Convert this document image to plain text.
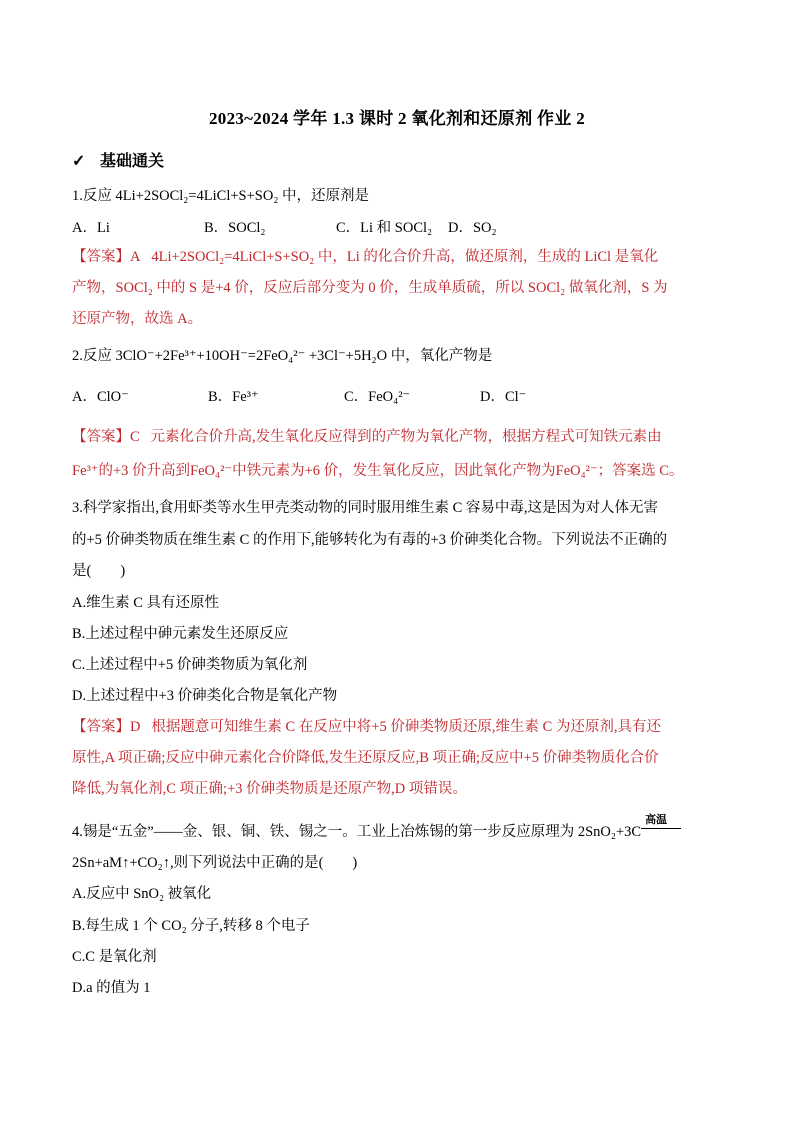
2023~2024 学年 1.3 课时 2 氧化剂和还原剂 作业 2
✓ 基础通关
1.反应 4Li+2SOCl₂=4LiCl+S+SO₂ 中，还原剂是
A．Li	B．SOCl₂	C．Li 和 SOCl₂ D．SO₂
【答案】A 4Li+2SOCl₂=4LiCl+S+SO₂ 中，Li 的化合价升高，做还原剂，生成的 LiCl 是氧化
产物，SOCl₂ 中的 S 是+4 价，反应后部分变为 0 价，生成单质硫，所以 SOCl₂ 做氧化剂，S 为
还原产物，故选 A。
2.反应 3ClO⁻+2Fe³⁺+10OH⁻=2FeO₄²⁻ +3Cl⁻+5H₂O 中，氧化产物是
A．ClO⁻	B．Fe³⁺	C．FeO₄²⁻	D．Cl⁻
【答案】C 元素化合价升高,发生氧化反应得到的产物为氧化产物，根据方程式可知铁元素由
Fe³⁺的+3 价升高到FeO₄²⁻中铁元素为+6 价，发生氧化反应，因此氧化产物为FeO₄²⁻；答案选 C。
3.科学家指出,食用虾类等水生甲壳类动物的同时服用维生素 C 容易中毒,这是因为对人体无害
的+5 价砷类物质在维生素 C 的作用下,能够转化为有毒的+3 价砷类化合物。下列说法不正确的
是(　　)
A.维生素 C 具有还原性
B.上述过程中砷元素发生还原反应
C.上述过程中+5 价砷类物质为氧化剂
D.上述过程中+3 价砷类化合物是氧化产物
【答案】D 根据题意可知维生素 C 在反应中将+5 价砷类物质还原,维生素 C 为还原剂,具有还
原性,A 项正确;反应中砷元素化合价降低,发生还原反应,B 项正确;反应中+5 价砷类物质化合价
降低,为氧化剂,C 项正确;+3 价砷类物质是还原产物,D 项错误。
4.锡是“五金”——金、银、铜、铁、锡之一。工业上冶炼锡的第一步反应原理为 2SnO₂+3C
高温
2Sn+aM↑+CO₂↑,则下列说法中正确的是(　　)
A.反应中 SnO₂ 被氧化
B.每生成 1 个 CO₂ 分子,转移 8 个电子
C.C 是氧化剂
D.a 的值为 1
